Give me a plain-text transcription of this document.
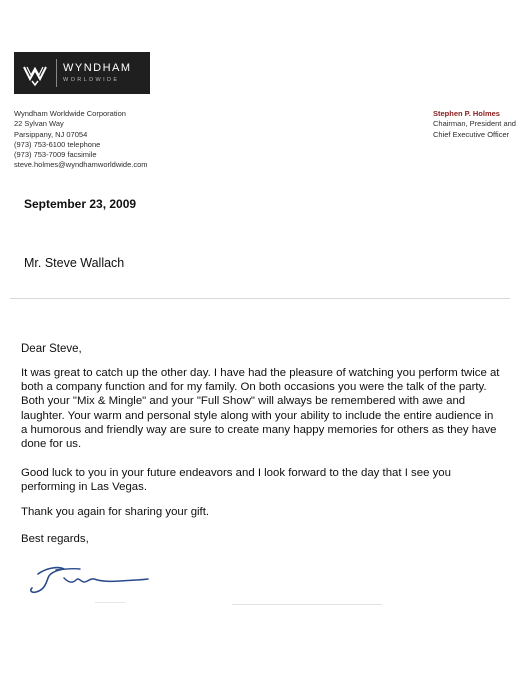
WYNDHAM
WORLDWIDE
Wyndham Worldwide Corporation
22 Sylvan Way
Parsippany, NJ 07054
(973) 753-6100 telephone
(973) 753-7009 facsimile
steve.holmes@wyndhamworldwide.com
Stephen P. Holmes
Chairman, President and
Chief Executive Officer
September 23, 2009
Mr. Steve Wallach
Dear Steve,
It was great to catch up the other day. I have had the pleasure of watching you perform twice at
both a company function and for my family. On both occasions you were the talk of the party.
Both your "Mix & Mingle" and your "Full Show" will always be remembered with awe and
laughter. Your warm and personal style along with your ability to include the entire audience in
a humorous and friendly way are sure to create many happy memories for others as they have
done for us.
Good luck to you in your future endeavors and I look forward to the day that I see you
performing in Las Vegas.
Thank you again for sharing your gift.
Best regards,
